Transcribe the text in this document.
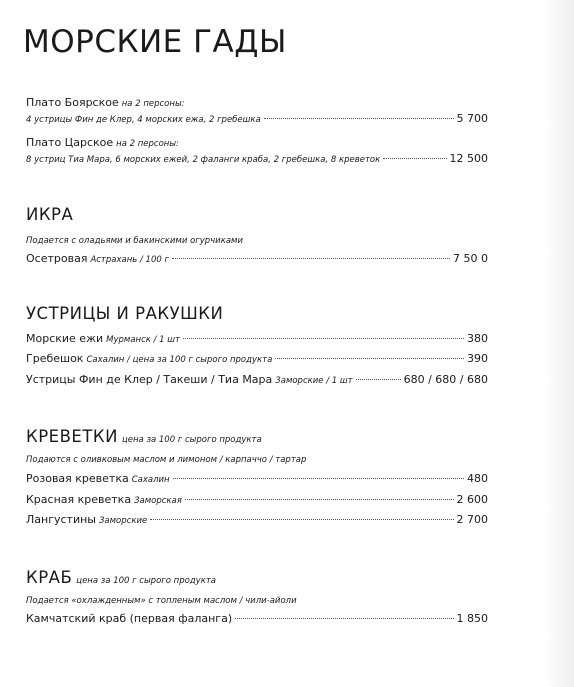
МОРСКИЕ ГАДЫ
Плато Боярское на 2 персоны:
4 устрицы Фин де Клер, 4 морских ежа, 2 гребешка	5 700
Плато Царское на 2 персоны:
8 устриц Тиа Мара, 6 морских ежей, 2 фаланги краба, 2 гребешка, 8 креветок	12 500
ИКРА
Подается с оладьями и бакинскими огурчиками
Осетровая Астрахань / 100 г	7 50 0
УСТРИЦЫ И РАКУШКИ
Морские ежи Мурманск / 1 шт	380
Гребешок Сахалин / цена за 100 г сырого продукта	390
Устрицы Фин де Клер / Такеши / Тиа Мара Заморские / 1 шт	680 / 680 / 680
КРЕВЕТКИ цена за 100 г сырого продукта
Подаются с оливковым маслом и лимоном / карпаччо / тартар
Розовая креветка Сахалин	480
Красная креветка Заморская	2 600
Лангустины Заморские	2 700
КРАБ цена за 100 г сырого продукта
Подается «охлажденным» с топленым маслом / чили-айоли
Камчатский краб (первая фаланга)	1 850
